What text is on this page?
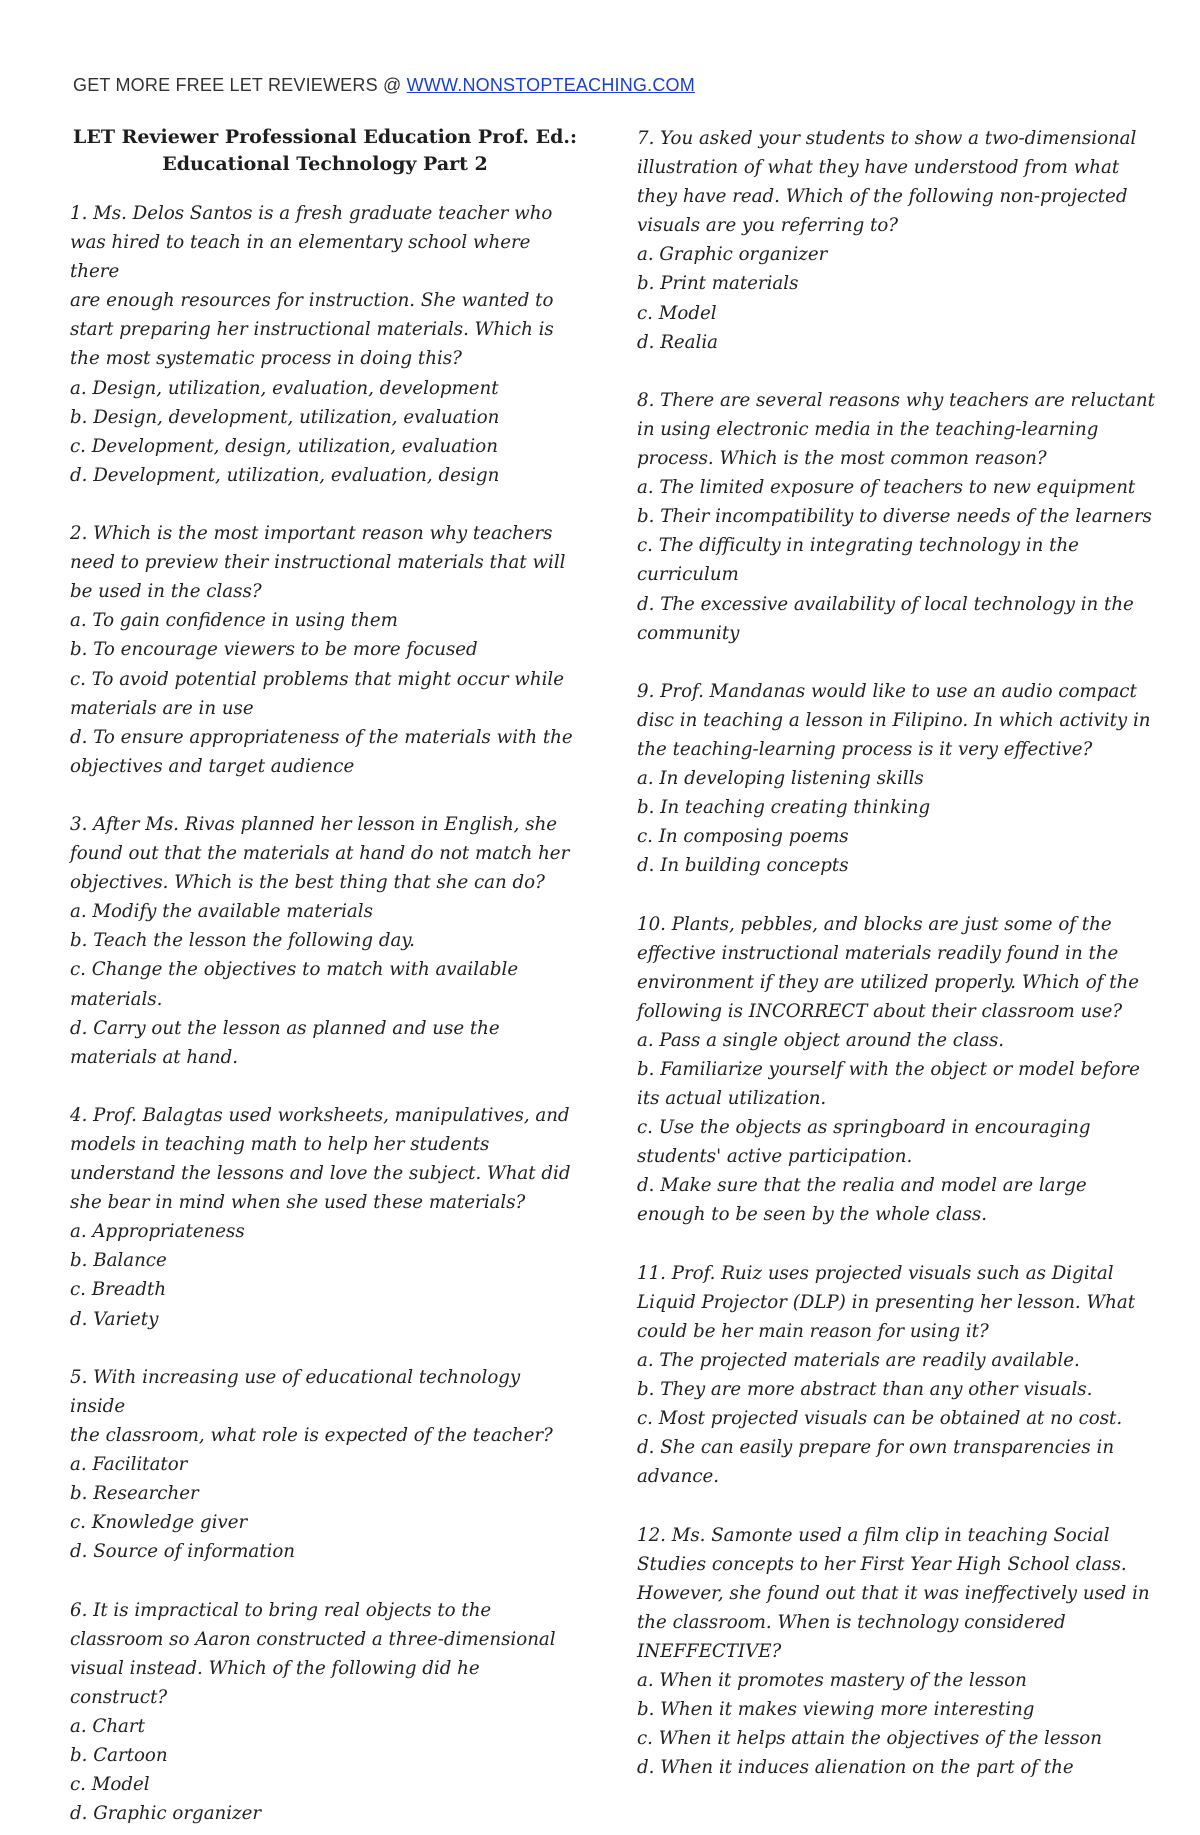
GET MORE FREE LET REVIEWERS @ WWW.NONSTOPTEACHING.COM
LET Reviewer Professional Education Prof. Ed.:
Educational Technology Part 2
1. Ms. Delos Santos is a fresh graduate teacher who
was hired to teach in an elementary school where there
are enough resources for instruction. She wanted to
start preparing her instructional materials. Which is
the most systematic process in doing this?
a. Design, utilization, evaluation, development
b. Design, development, utilization, evaluation
c. Development, design, utilization, evaluation
d. Development, utilization, evaluation, design
2. Which is the most important reason why teachers
need to preview their instructional materials that will
be used in the class?
a. To gain confidence in using them
b. To encourage viewers to be more focused
c. To avoid potential problems that might occur while
materials are in use
d. To ensure appropriateness of the materials with the
objectives and target audience
3. After Ms. Rivas planned her lesson in English, she
found out that the materials at hand do not match her
objectives. Which is the best thing that she can do?
a. Modify the available materials
b. Teach the lesson the following day.
c. Change the objectives to match with available
materials.
d. Carry out the lesson as planned and use the
materials at hand.
4. Prof. Balagtas used worksheets, manipulatives, and
models in teaching math to help her students
understand the lessons and love the subject. What did
she bear in mind when she used these materials?
a. Appropriateness
b. Balance
c. Breadth
d. Variety
5. With increasing use of educational technology inside
the classroom, what role is expected of the teacher?
a. Facilitator
b. Researcher
c. Knowledge giver
d. Source of information
6. It is impractical to bring real objects to the
classroom so Aaron constructed a three-dimensional
visual instead. Which of the following did he construct?
a. Chart
b. Cartoon
c. Model
d. Graphic organizer
7. You asked your students to show a two-dimensional
illustration of what they have understood from what
they have read. Which of the following non-projected
visuals are you referring to?
a. Graphic organizer
b. Print materials
c. Model
d. Realia
8. There are several reasons why teachers are reluctant
in using electronic media in the teaching-learning
process. Which is the most common reason?
a. The limited exposure of teachers to new equipment
b. Their incompatibility to diverse needs of the learners
c. The difficulty in integrating technology in the
curriculum
d. The excessive availability of local technology in the
community
9. Prof. Mandanas would like to use an audio compact
disc in teaching a lesson in Filipino. In which activity in
the teaching-learning process is it very effective?
a. In developing listening skills
b. In teaching creating thinking
c. In composing poems
d. In building concepts
10. Plants, pebbles, and blocks are just some of the
effective instructional materials readily found in the
environment if they are utilized properly. Which of the
following is INCORRECT about their classroom use?
a. Pass a single object around the class.
b. Familiarize yourself with the object or model before
its actual utilization.
c. Use the objects as springboard in encouraging
students' active participation.
d. Make sure that the realia and model are large
enough to be seen by the whole class.
11. Prof. Ruiz uses projected visuals such as Digital
Liquid Projector (DLP) in presenting her lesson. What
could be her main reason for using it?
a. The projected materials are readily available.
b. They are more abstract than any other visuals.
c. Most projected visuals can be obtained at no cost.
d. She can easily prepare for own transparencies in
advance.
12. Ms. Samonte used a film clip in teaching Social
Studies concepts to her First Year High School class.
However, she found out that it was ineffectively used in
the classroom. When is technology considered
INEFFECTIVE?
a. When it promotes mastery of the lesson
b. When it makes viewing more interesting
c. When it helps attain the objectives of the lesson
d. When it induces alienation on the part of the
